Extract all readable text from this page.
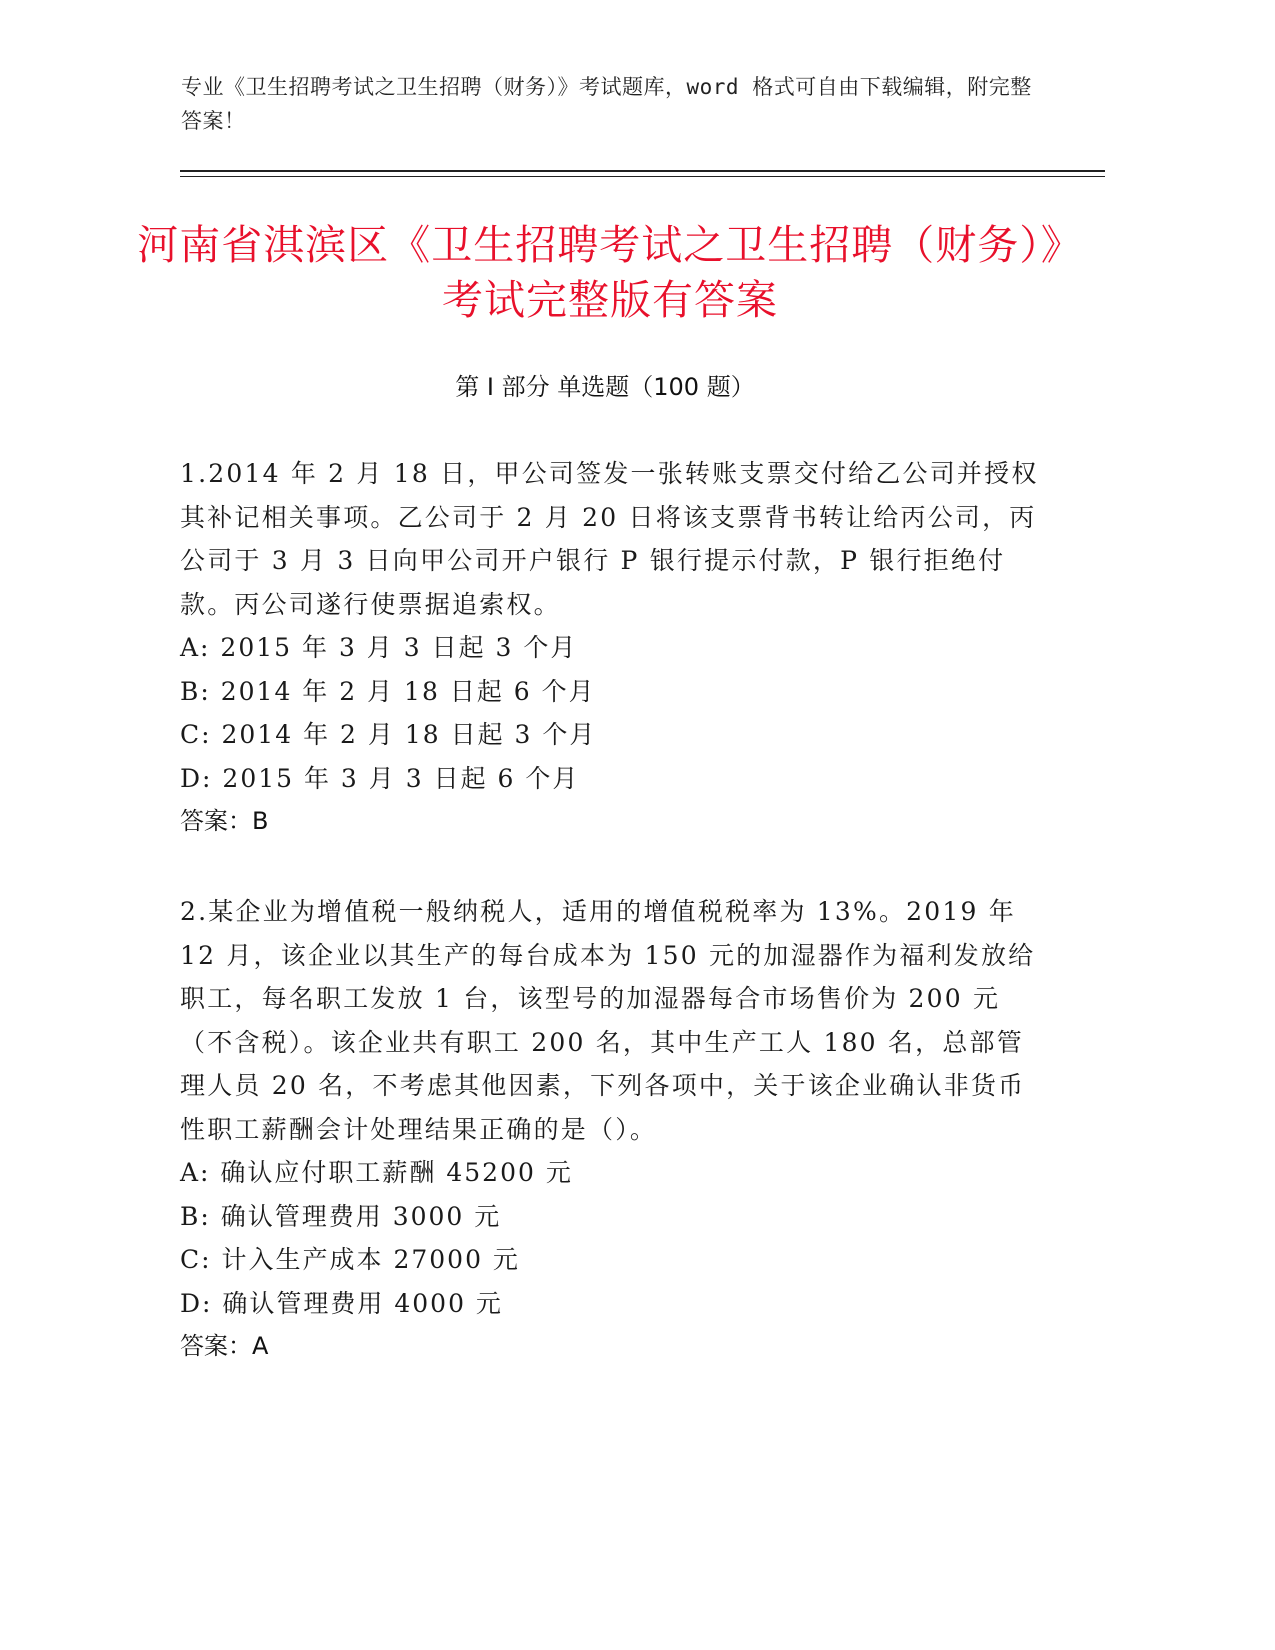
专业《卫生招聘考试之卫生招聘（财务）》考试题库，word 格式可自由下载编辑，附完整答案！
河南省淇滨区《卫生招聘考试之卫生招聘（财务）》考试完整版有答案
第 I 部分 单选题（100 题）

1.2014 年 2 月 18 日，甲公司签发一张转账支票交付给乙公司并授权其补记相关事项。乙公司于 2 月 20 日将该支票背书转让给丙公司，丙公司于 3 月 3 日向甲公司开户银行 P 银行提示付款，P 银行拒绝付款。丙公司遂行使票据追索权。

A: 2015 年 3 月 3 日起 3 个月
B: 2014 年 2 月 18 日起 6 个月
C: 2014 年 2 月 18 日起 3 个月
D: 2015 年 3 月 3 日起 6 个月
答案：B

2.某企业为增值税一般纳税人，适用的增值税税率为 13%。2019 年 12 月，该企业以其生产的每台成本为 150 元的加湿器作为福利发放给职工，每名职工发放 1 台，该型号的加湿器每合市场售价为 200 元（不含税）。该企业共有职工 200 名，其中生产工人 180 名，总部管理人员 20 名，不考虑其他因素，下列各项中，关于该企业确认非货币性职工薪酬会计处理结果正确的是（）。

A: 确认应付职工薪酬 45200 元
B: 确认管理费用 3000 元
C: 计入生产成本 27000 元
D: 确认管理费用 4000 元
答案：A
